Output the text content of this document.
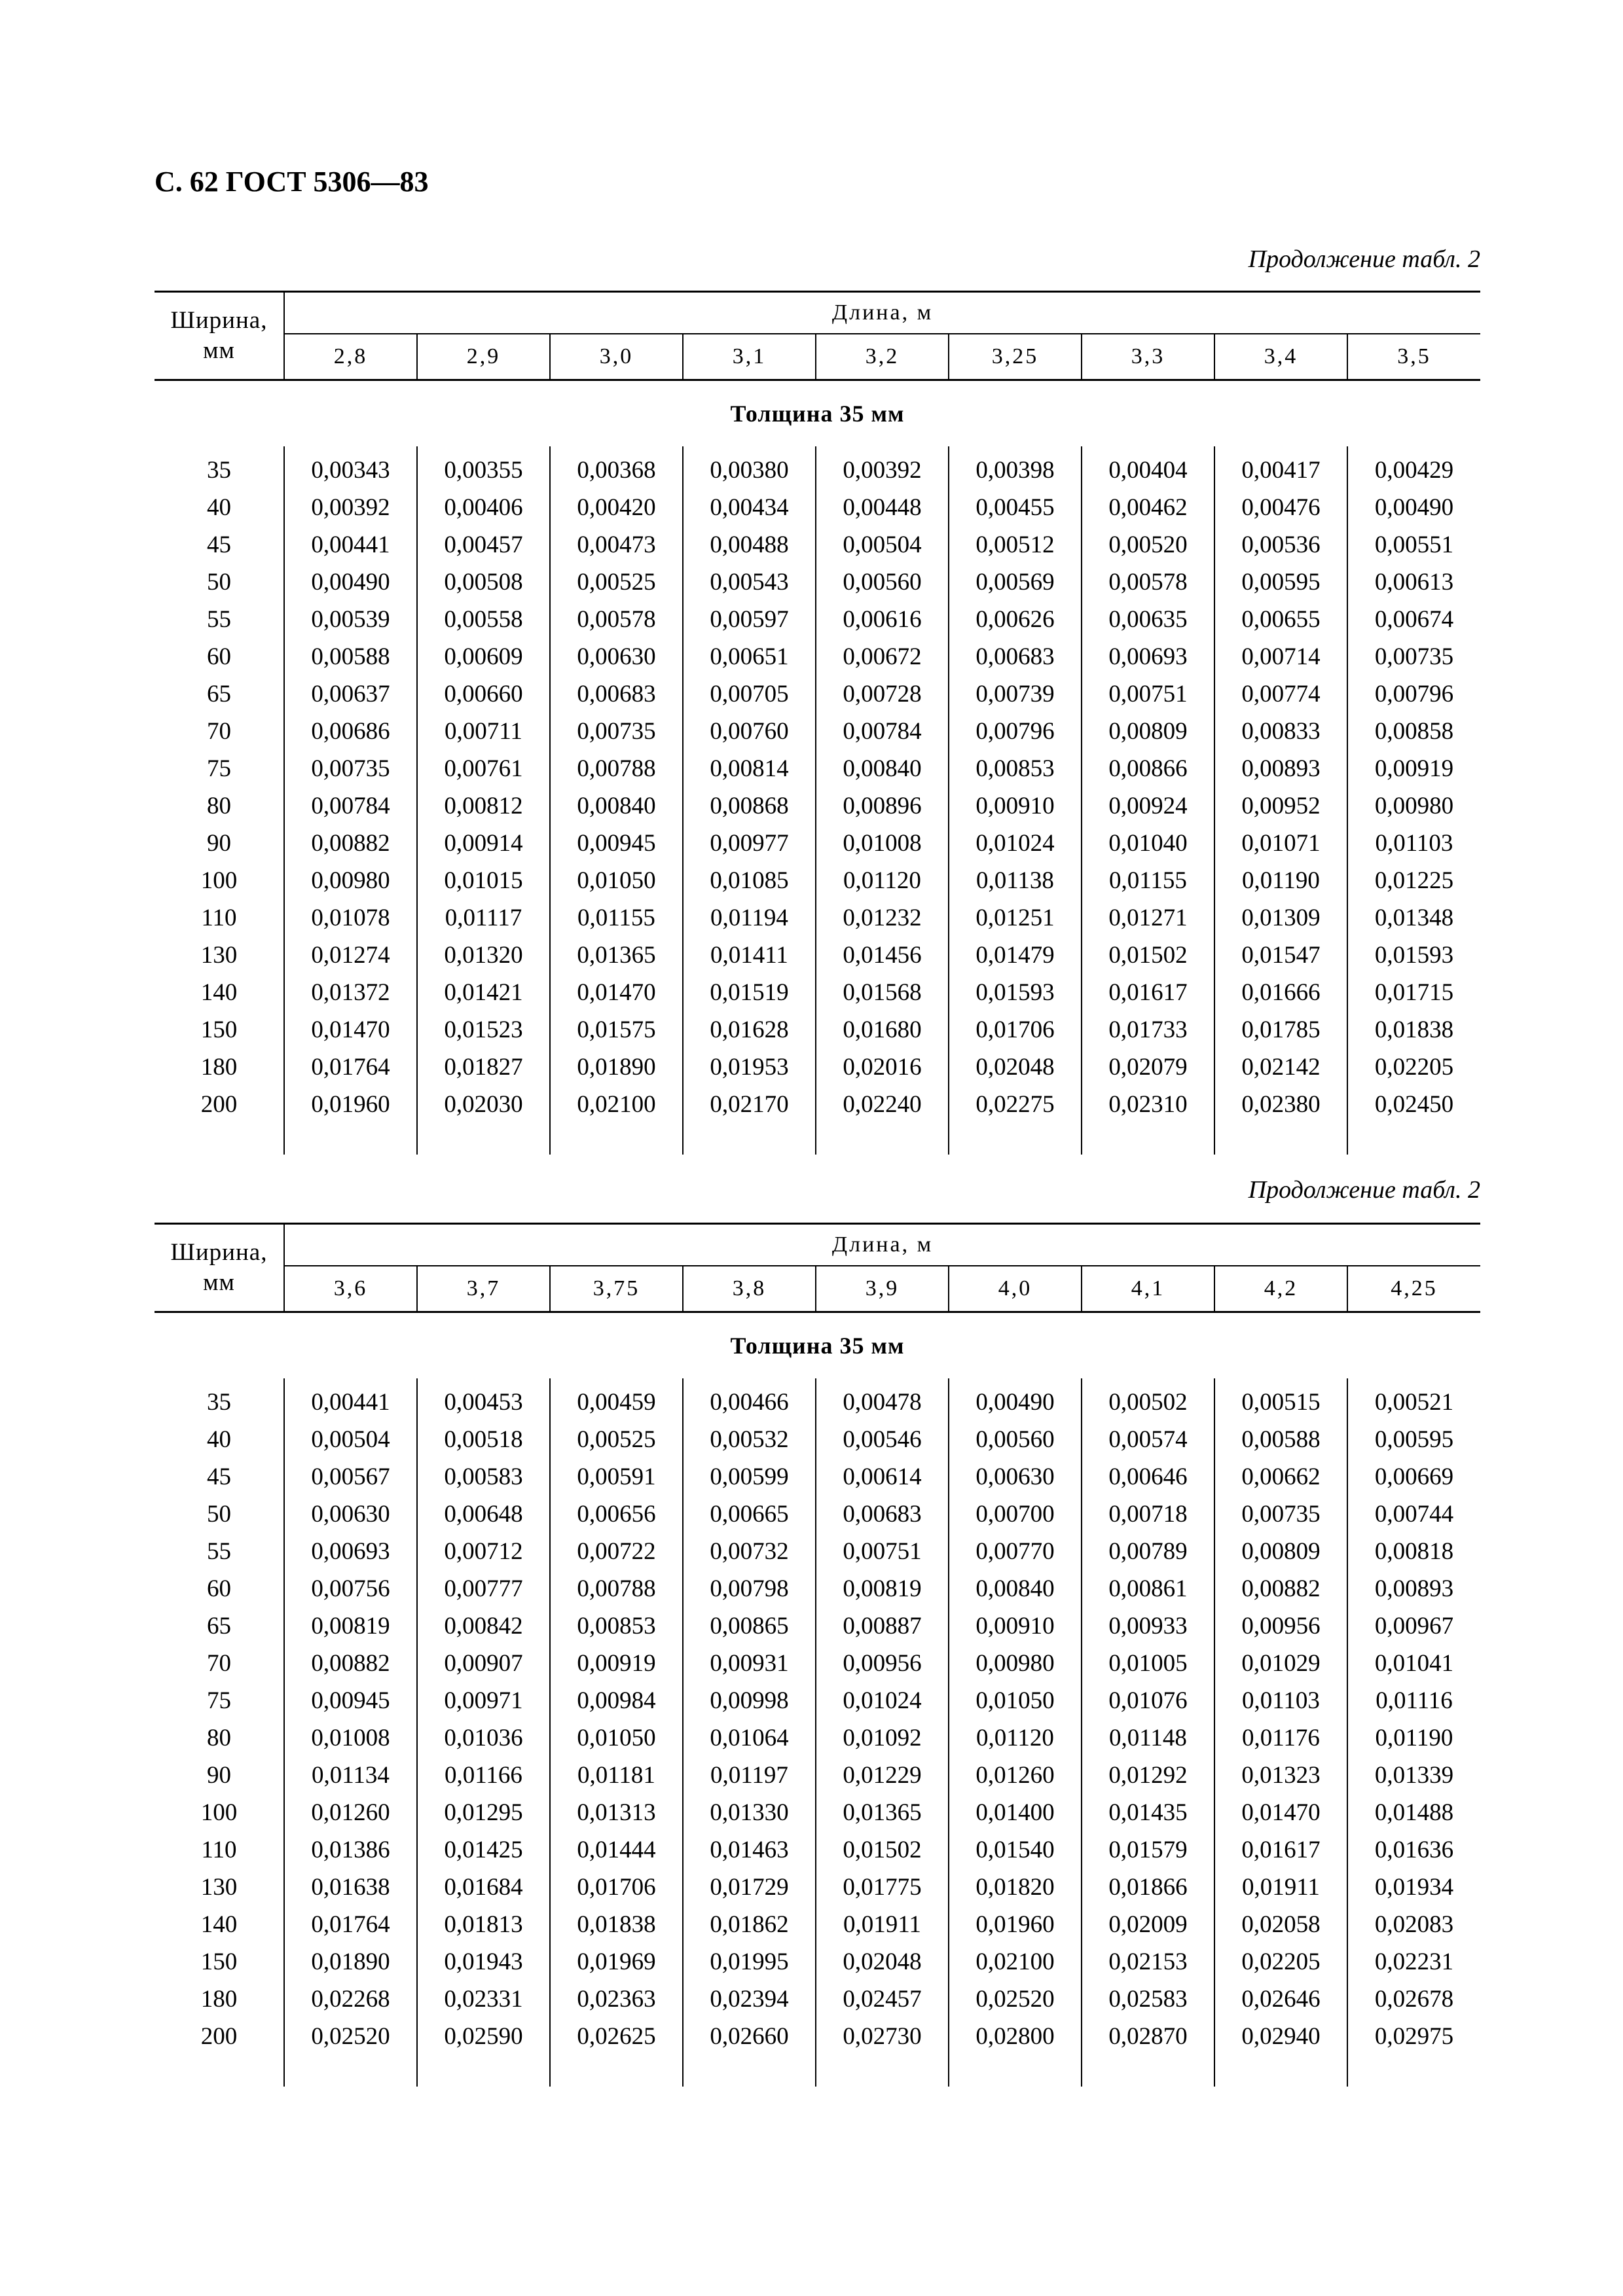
С. 62 ГОСТ 5306—83
Продолжение табл. 2
Ширина,
мм	Длина, м								
	2,8	2,9	3,0	3,1	3,2	3,25	3,3	3,4	3,5
Толщина 35 мм									

35	0,00343	0,00355	0,00368	0,00380	0,00392	0,00398	0,00404	0,00417	0,00429
40	0,00392	0,00406	0,00420	0,00434	0,00448	0,00455	0,00462	0,00476	0,00490
45	0,00441	0,00457	0,00473	0,00488	0,00504	0,00512	0,00520	0,00536	0,00551
50	0,00490	0,00508	0,00525	0,00543	0,00560	0,00569	0,00578	0,00595	0,00613
55	0,00539	0,00558	0,00578	0,00597	0,00616	0,00626	0,00635	0,00655	0,00674
60	0,00588	0,00609	0,00630	0,00651	0,00672	0,00683	0,00693	0,00714	0,00735
65	0,00637	0,00660	0,00683	0,00705	0,00728	0,00739	0,00751	0,00774	0,00796
70	0,00686	0,00711	0,00735	0,00760	0,00784	0,00796	0,00809	0,00833	0,00858
75	0,00735	0,00761	0,00788	0,00814	0,00840	0,00853	0,00866	0,00893	0,00919
80	0,00784	0,00812	0,00840	0,00868	0,00896	0,00910	0,00924	0,00952	0,00980
90	0,00882	0,00914	0,00945	0,00977	0,01008	0,01024	0,01040	0,01071	0,01103
100	0,00980	0,01015	0,01050	0,01085	0,01120	0,01138	0,01155	0,01190	0,01225
110	0,01078	0,01117	0,01155	0,01194	0,01232	0,01251	0,01271	0,01309	0,01348
130	0,01274	0,01320	0,01365	0,01411	0,01456	0,01479	0,01502	0,01547	0,01593
140	0,01372	0,01421	0,01470	0,01519	0,01568	0,01593	0,01617	0,01666	0,01715
150	0,01470	0,01523	0,01575	0,01628	0,01680	0,01706	0,01733	0,01785	0,01838
180	0,01764	0,01827	0,01890	0,01953	0,02016	0,02048	0,02079	0,02142	0,02205
200	0,01960	0,02030	0,02100	0,02170	0,02240	0,02275	0,02310	0,02380	0,02450

Продолжение табл. 2
Ширина,
мм	Длина, м								
	3,6	3,7	3,75	3,8	3,9	4,0	4,1	4,2	4,25
Толщина 35 мм									

35	0,00441	0,00453	0,00459	0,00466	0,00478	0,00490	0,00502	0,00515	0,00521
40	0,00504	0,00518	0,00525	0,00532	0,00546	0,00560	0,00574	0,00588	0,00595
45	0,00567	0,00583	0,00591	0,00599	0,00614	0,00630	0,00646	0,00662	0,00669
50	0,00630	0,00648	0,00656	0,00665	0,00683	0,00700	0,00718	0,00735	0,00744
55	0,00693	0,00712	0,00722	0,00732	0,00751	0,00770	0,00789	0,00809	0,00818
60	0,00756	0,00777	0,00788	0,00798	0,00819	0,00840	0,00861	0,00882	0,00893
65	0,00819	0,00842	0,00853	0,00865	0,00887	0,00910	0,00933	0,00956	0,00967
70	0,00882	0,00907	0,00919	0,00931	0,00956	0,00980	0,01005	0,01029	0,01041
75	0,00945	0,00971	0,00984	0,00998	0,01024	0,01050	0,01076	0,01103	0,01116
80	0,01008	0,01036	0,01050	0,01064	0,01092	0,01120	0,01148	0,01176	0,01190
90	0,01134	0,01166	0,01181	0,01197	0,01229	0,01260	0,01292	0,01323	0,01339
100	0,01260	0,01295	0,01313	0,01330	0,01365	0,01400	0,01435	0,01470	0,01488
110	0,01386	0,01425	0,01444	0,01463	0,01502	0,01540	0,01579	0,01617	0,01636
130	0,01638	0,01684	0,01706	0,01729	0,01775	0,01820	0,01866	0,01911	0,01934
140	0,01764	0,01813	0,01838	0,01862	0,01911	0,01960	0,02009	0,02058	0,02083
150	0,01890	0,01943	0,01969	0,01995	0,02048	0,02100	0,02153	0,02205	0,02231
180	0,02268	0,02331	0,02363	0,02394	0,02457	0,02520	0,02583	0,02646	0,02678
200	0,02520	0,02590	0,02625	0,02660	0,02730	0,02800	0,02870	0,02940	0,02975
